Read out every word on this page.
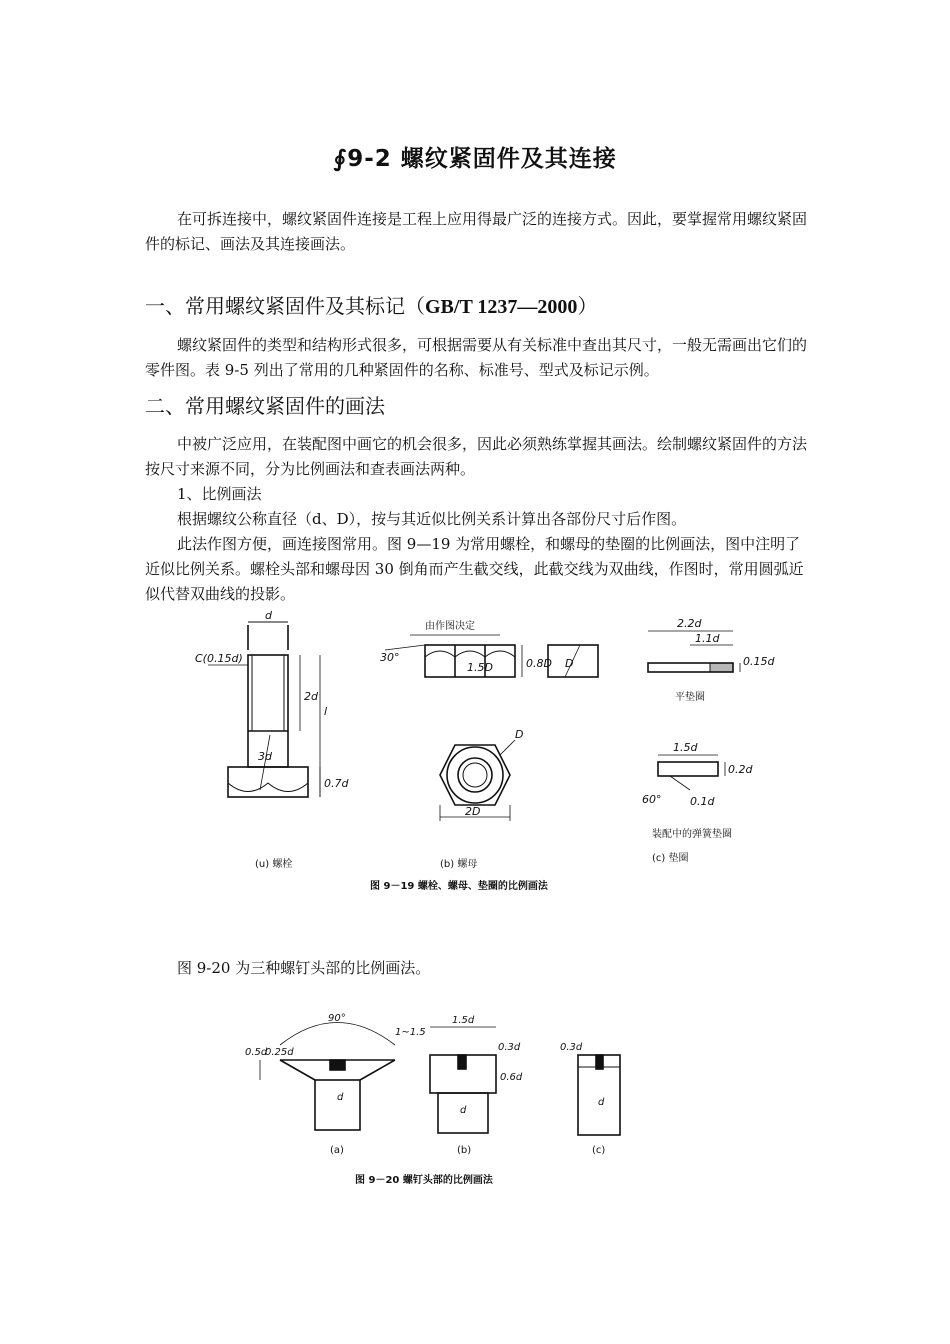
∮9-2 螺纹紧固件及其连接

在可拆连接中，螺纹紧固件连接是工程上应用得最广泛的连接方式。因此，要掌握常用螺纹紧固件的标记、画法及其连接画法。

一、常用螺纹紧固件及其标记（GB/T 1237—2000）

螺纹紧固件的类型和结构形式很多，可根据需要从有关标准中查出其尺寸，一般无需画出它们的零件图。表 9-5 列出了常用的几种紧固件的名称、标准号、型式及标记示例。

二、常用螺纹紧固件的画法

中被广泛应用，在装配图中画它的机会很多，因此必须熟练掌握其画法。绘制螺纹紧固件的方法按尺寸来源不同，分为比例画法和查表画法两种。

1、比例画法

根据螺纹公称直径（d、D），按与其近似比例关系计算出各部份尺寸后作图。

此法作图方便，画连接图常用。图 9—19 为常用螺栓，和螺母的垫圈的比例画法，图中注明了近似比例关系。螺栓头部和螺母因 30 倒角而产生截交线，此截交线为双曲线，作图时，常用圆弧近似代替双曲线的投影。

d
C(0.15d)
2d
l
3d
0.7d
(u) 螺栓
由作图决定
30°
1.5D	0.8D D
D
2D
(b) 螺母
2.2d
1.1d
0.15d
平垫圈
1.5d
0.2d
60°	0.1d
装配中的弹簧垫圈
(c) 垫圈
图 9－19 螺栓、螺母、垫圈的比例画法

图 9-20 为三种螺钉头部的比例画法。

90°
1~1.5
0.5d
0.25d
d
(a)
1.5d
0.3d
0.6d
d
(b)
0.3d
d
(c)
图 9－20 螺钉头部的比例画法
